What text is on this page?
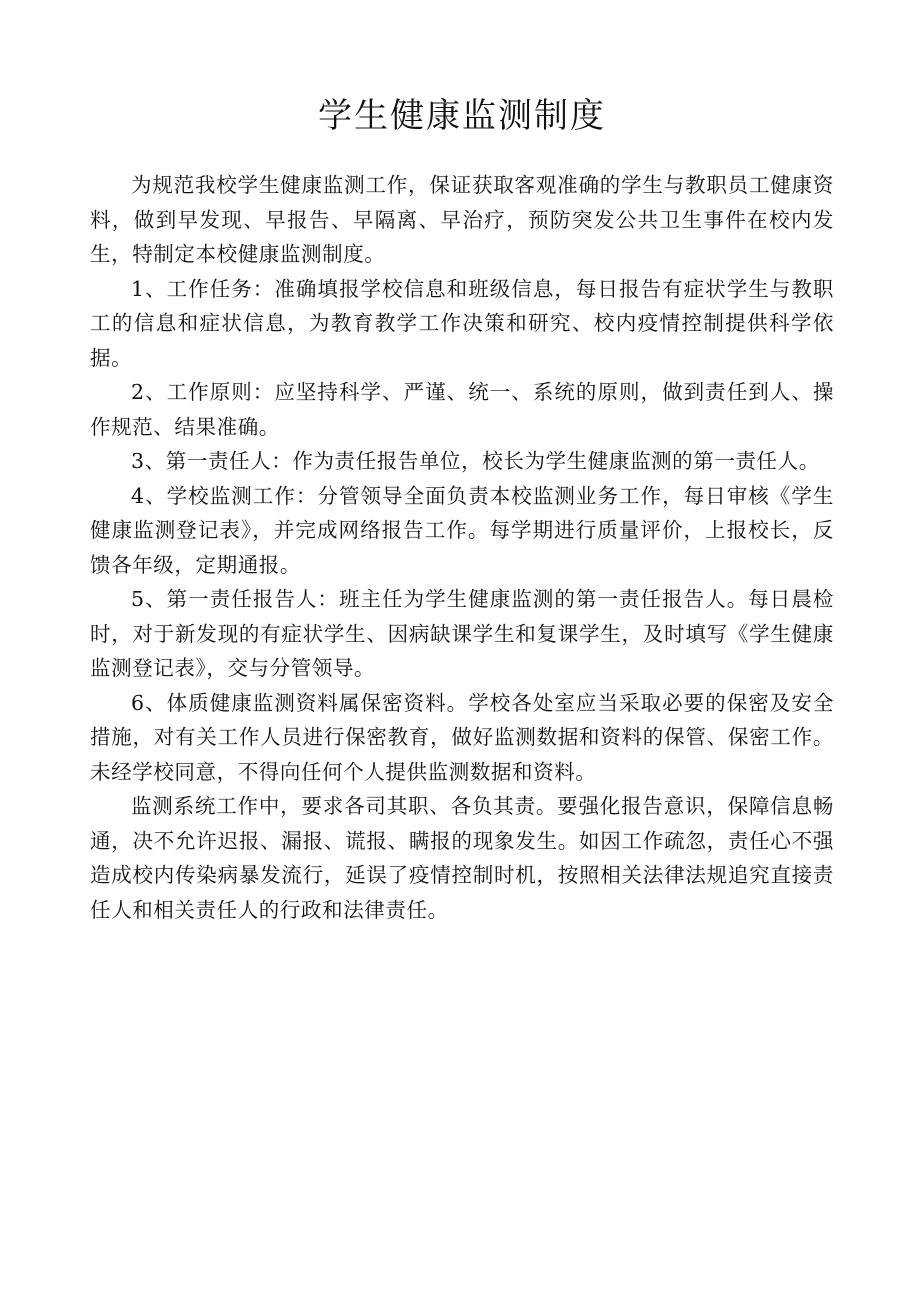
学生健康监测制度

为规范我校学生健康监测工作，保证获取客观准确的学生与教职员工健康资料，做到早发现、早报告、早隔离、早治疗，预防突发公共卫生事件在校内发生，特制定本校健康监测制度。

1、工作任务：准确填报学校信息和班级信息，每日报告有症状学生与教职工的信息和症状信息，为教育教学工作决策和研究、校内疫情控制提供科学依据。

2、工作原则：应坚持科学、严谨、统一、系统的原则，做到责任到人、操作规范、结果准确。

3、第一责任人：作为责任报告单位，校长为学生健康监测的第一责任人。

4、学校监测工作：分管领导全面负责本校监测业务工作，每日审核《学生健康监测登记表》，并完成网络报告工作。每学期进行质量评价，上报校长，反馈各年级，定期通报。

5、第一责任报告人：班主任为学生健康监测的第一责任报告人。每日晨检时，对于新发现的有症状学生、因病缺课学生和复课学生，及时填写《学生健康监测登记表》，交与分管领导。

6、体质健康监测资料属保密资料。学校各处室应当采取必要的保密及安全措施，对有关工作人员进行保密教育，做好监测数据和资料的保管、保密工作。未经学校同意，不得向任何个人提供监测数据和资料。

监测系统工作中，要求各司其职、各负其责。要强化报告意识，保障信息畅通，决不允许迟报、漏报、谎报、瞒报的现象发生。如因工作疏忽，责任心不强造成校内传染病暴发流行，延误了疫情控制时机，按照相关法律法规追究直接责任人和相关责任人的行政和法律责任。
